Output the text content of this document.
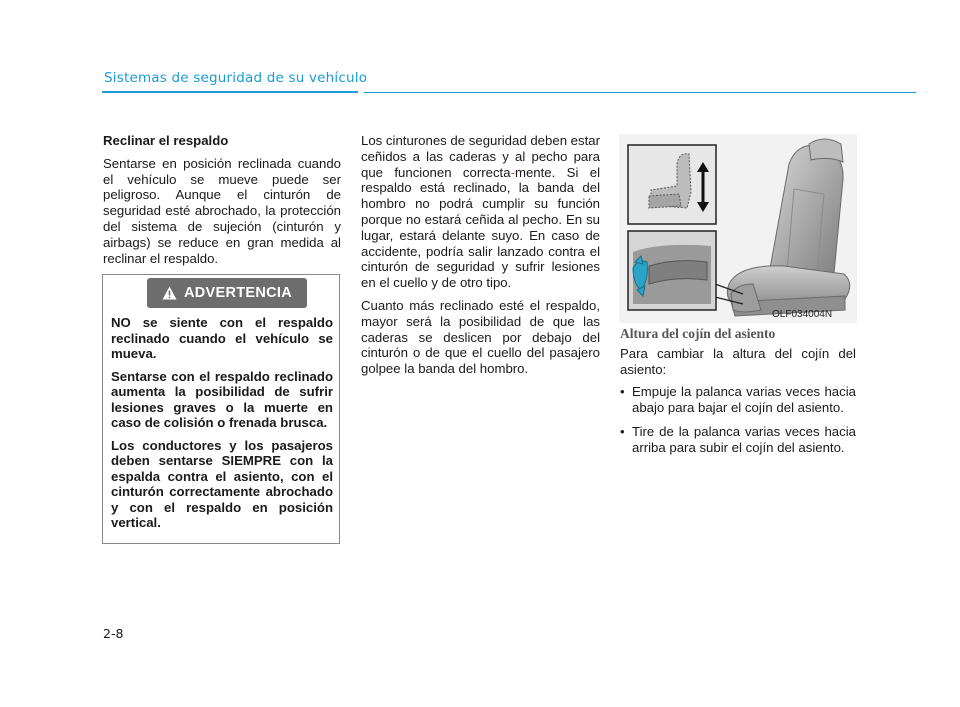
Sistemas de seguridad de su vehículo

Reclinar el respaldo

Sentarse en posición reclinada cuando el vehículo se mueve puede ser peligroso. Aunque el cinturón de seguridad esté abrochado, la protección del sistema de sujeción (cinturón y airbags) se reduce en gran medida al reclinar el respaldo.

ADVERTENCIA

NO se siente con el respaldo reclinado cuando el vehículo se mueva.

Sentarse con el respaldo reclinado aumenta la posibilidad de sufrir lesiones graves o la muerte en caso de colisión o frenada brusca.

Los conductores y los pasajeros deben sentarse SIEMPRE con la espalda contra el asiento, con el cinturón correctamente abrochado y con el respaldo en posición vertical.

Los cinturones de seguridad deben estar ceñidos a las caderas y al pecho para que funcionen correcta-mente. Si el respaldo está reclinado, la banda del hombro no podrá cumplir su función porque no estará ceñida al pecho. En su lugar, estará delante suyo. En caso de accidente, podría salir lanzado contra el cinturón de seguridad y sufrir lesiones en el cuello y de otro tipo.

Cuanto más reclinado esté el respaldo, mayor será la posibilidad de que las caderas se deslicen por debajo del cinturón o de que el cuello del pasajero golpee la banda del hombro.

OLF034004N

Altura del cojín del asiento

Para cambiar la altura del cojín del asiento:

• Empuje la palanca varias veces hacia abajo para bajar el cojín del asiento.
• Tire de la palanca varias veces hacia arriba para subir el cojín del asiento.
2-8
